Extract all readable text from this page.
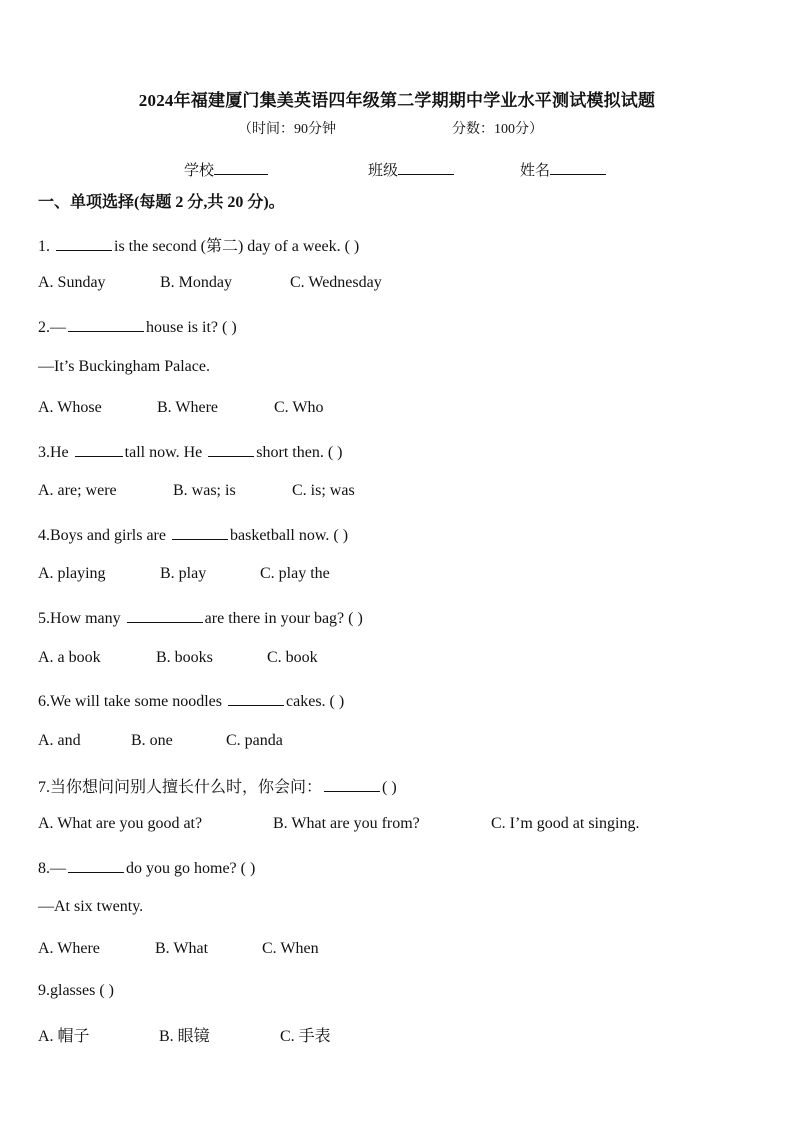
2024年福建厦门集美英语四年级第二学期期中学业水平测试模拟试题
（时间：90分钟	分数：100分）
学校	班级	姓名
一、单项选择(每题 2 分,共 20 分)。
1.	is the second (第二) day of a week. ( )
A. Sunday	B. Monday	C. Wednesday
2.—	house is it? ( )
—It’s Buckingham Palace.
A. Whose	B. Where	C. Who
3.He	tall now. He	short then. ( )
A. are; were	B. was; is	C. is; was
4.Boys and girls are	basketball now. ( )
A. playing	B. play	C. play the
5.How many	are there in your bag? ( )
A. a book	B. books	C. book
6.We will take some noodles	cakes. ( )
A. and	B. one	C. panda
7.当你想问问别人擅长什么时，你会问：	( )
A. What are you good at?	B. What are you from?	C. I’m good at singing.
8.—	do you go home? ( )
—At six twenty.
A. Where	B. What	C. When
9.glasses ( )
A. 帽子	B. 眼镜	C. 手表
